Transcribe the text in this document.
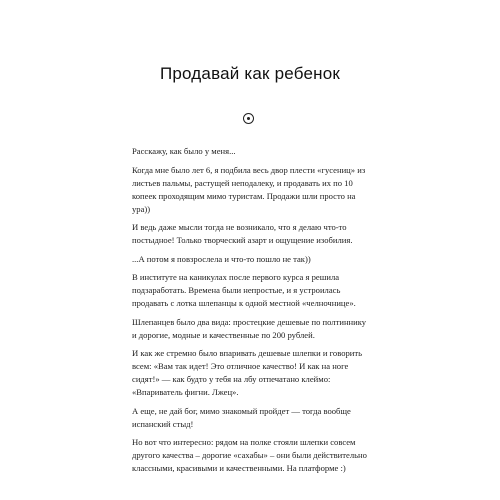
Продавай как ребенок

Расскажу, как было у меня...

Когда мне было лет 6, я подбила весь двор плести «гусениц» из листьев пальмы, растущей неподалеку, и продавать их по 10 копеек проходящим мимо туристам. Продажи шли просто на ура))

И ведь даже мысли тогда не возникало, что я делаю что-то постыдное! Только творческий азарт и ощущение изобилия.

...А потом я повзрослела и что-то пошло не так))

В институте на каникулах после первого курса я решила подзаработать. Времена были непростые, и я устроилась продавать с лотка шлепанцы к одной местной «челночнице».

Шлепанцев было два вида: простецкие дешевые по полтиннику и дорогие, модные и качественные по 200 рублей.

И как же стремно было впаривать дешевые шлепки и говорить всем: «Вам так идет! Это отличное качество! И как на ноге сидят!» — как будто у тебя на лбу отпечатано клеймо: «Впариватель фигни. Лжец».

А еще, не дай бог, мимо знакомый пройдет — тогда вообще испанский стыд!

Но вот что интересно: рядом на полке стояли шлепки совсем другого качества – дорогие «сахабы» – они были действительно классными, красивыми и качественными. На платформе :)
